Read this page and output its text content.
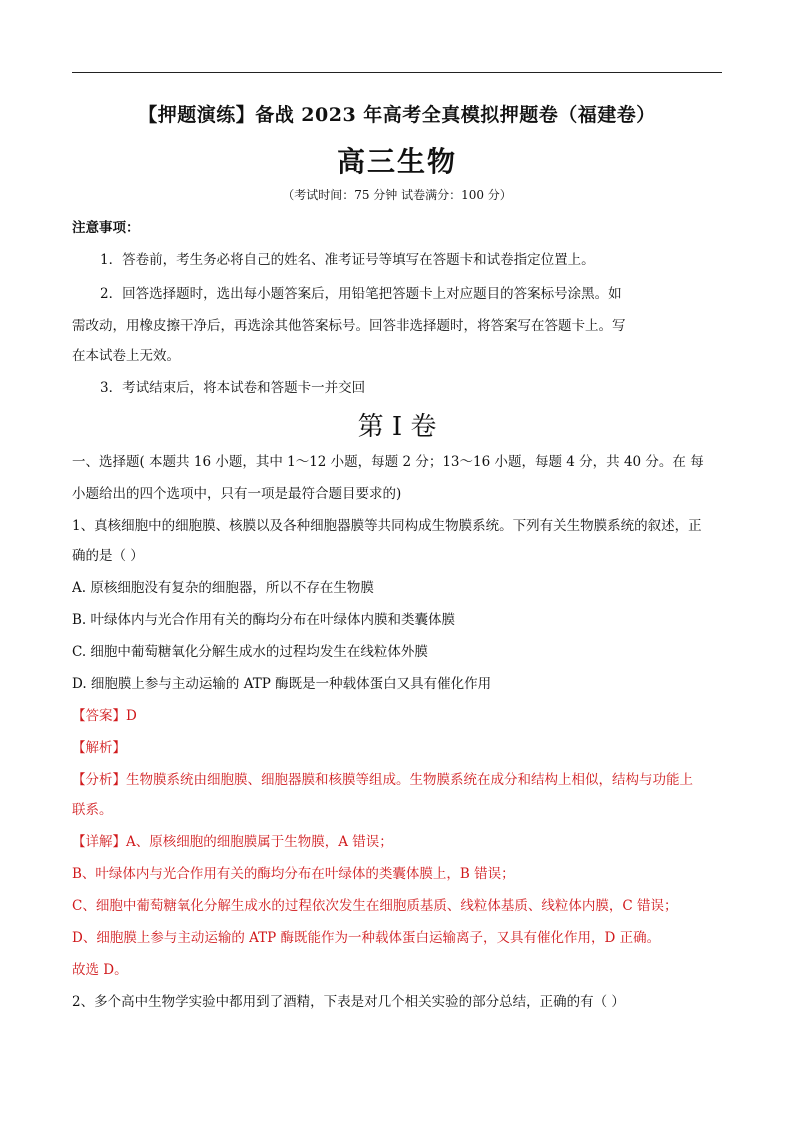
【押题演练】备战 2023 年高考全真模拟押题卷（福建卷）
高三生物
（考试时间：75 分钟 试卷满分：100 分）
注意事项：
1．答卷前，考生务必将自己的姓名、准考证号等填写在答题卡和试卷指定位置上。
2．回答选择题时，选出每小题答案后，用铅笔把答题卡上对应题目的答案标号涂黑。如
需改动，用橡皮擦干净后，再选涂其他答案标号。回答非选择题时，将答案写在答题卡上。写
在本试卷上无效。
3．考试结束后，将本试卷和答题卡一并交回
第 I 卷
一、选择题( 本题共 16 小题，其中 1～12 小题，每题 2 分；13～16 小题，每题 4 分，共 40 分。在 每
小题给出的四个选项中，只有一项是最符合题目要求的)
1、真核细胞中的细胞膜、核膜以及各种细胞器膜等共同构成生物膜系统。下列有关生物膜系统的叙述，正
确的是（ ）
A. 原核细胞没有复杂的细胞器，所以不存在生物膜
B. 叶绿体内与光合作用有关的酶均分布在叶绿体内膜和类囊体膜
C. 细胞中葡萄糖氧化分解生成水的过程均发生在线粒体外膜
D. 细胞膜上参与主动运输的 ATP 酶既是一种载体蛋白又具有催化作用
【答案】D
【解析】
【分析】生物膜系统由细胞膜、细胞器膜和核膜等组成。生物膜系统在成分和结构上相似，结构与功能上
联系。
【详解】A、原核细胞的细胞膜属于生物膜，A 错误；
B、叶绿体内与光合作用有关的酶均分布在叶绿体的类囊体膜上，B 错误；
C、细胞中葡萄糖氧化分解生成水的过程依次发生在细胞质基质、线粒体基质、线粒体内膜，C 错误；
D、细胞膜上参与主动运输的 ATP 酶既能作为一种载体蛋白运输离子，又具有催化作用，D 正确。
故选 D。
2、多个高中生物学实验中都用到了酒精，下表是对几个相关实验的部分总结，正确的有（ ）
